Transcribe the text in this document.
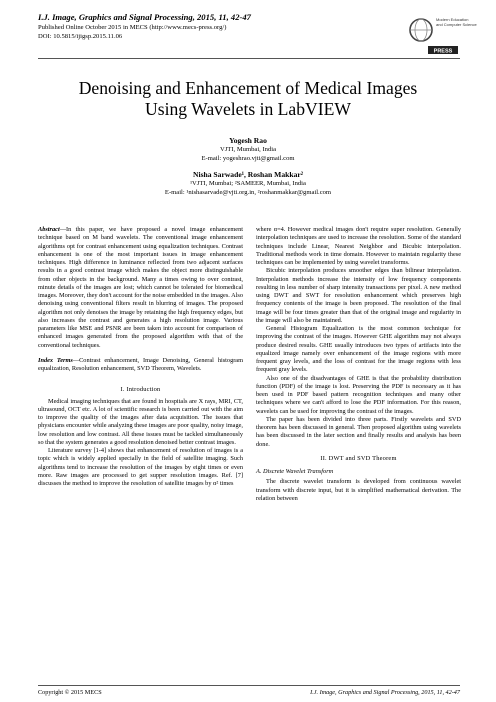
I.J. Image, Graphics and Signal Processing, 2015, 11, 42-47
Published Online October 2015 in MECS (http://www.mecs-press.org/)
DOI: 10.5815/ijigsp.2015.11.06
Modern Education
and Computer Science
PRESS
Denoising and Enhancement of Medical Images
Using Wavelets in LabVIEW
Yogesh Rao
VJTI, Mumbai, India
E-mail: yogeshrao.vjti@gmail.com
Nisha Sarwade¹, Roshan Makkar²
¹VJTI, Mumbai; ²SAMEER, Mumbai, India
E-mail: ¹nishasarvade@vjti.org.in, ²roshanmakkar@gmail.com

Abstract—In this paper, we have proposed a novel image enhancement technique based on M band wavelets. The conventional image enhancement algorithms opt for contrast enhancement using equalization techniques. Contrast enhancement is one of the most important issues in image enhancement techniques. High difference in luminance reflected from two adjacent surfaces results in a good contrast image which makes the object more distinguishable from other objects in the background. Many a times owing to over contrast, minute details of the images are lost; which cannot be tolerated for biomedical images. Moreover, they don't account for the noise embedded in the images. Also denoising using conventional filters result in blurring of images. The proposed algorithm not only denoises the image by retaining the high frequency edges, but also increases the contrast and generates a high resolution image. Various parameters like MSE and PSNR are been taken into account for comparison of enhanced images generated from the proposed algorithm with that of the conventional techniques.

Index Terms—Contrast enhancement, Image Denoising, General histogram equalization, Resolution enhancement, SVD Theorem, Wavelets.

I. Introduction

Medical imaging techniques that are found in hospitals are X rays, MRI, CT, ultrasound, OCT etc. A lot of scientific research is been carried out with the aim to improve the quality of the images after data acquisition. The issues that physicians encounter while analyzing these images are poor quality, noisy image, low resolution and low contrast. All these issues must be tackled simultaneously so that the system generates a good resolution denoised better contrast images.

Literature survey [1-4] shows that enhancement of resolution of images is a topic which is widely applied specially in the field of satellite imaging. Such algorithms tend to increase the resolution of the images by eight times or even more. Raw images are processed to get supper resolution images. Ref. [7] discusses the method to improve the resolution of satellite images by α² times

where α=4. However medical images don't require super resolution. Generally interpolation techniques are used to increase the resolution. Some of the standard techniques include Linear, Nearest Neighbor and Bicubic interpolation. Traditional methods work in time domain. However to maintain regularity these techniques can be implemented by using wavelet transforms.

Bicubic interpolation produces smoother edges than bilinear interpolation. Interpolation methods increase the intensity of low frequency components resulting in less number of sharp intensity transactions per pixel. A new method using DWT and SWT for resolution enhancement which preserves high frequency contents of the image is been proposed. The resolution of the final image will be four times greater than that of the original image and regularity in the image will also be maintained.

General Histogram Equalization is the most common technique for improving the contrast of the images. However GHE algorithm may not always produce desired results. GHE usually introduces two types of artifacts into the equalized image namely over enhancement of the image regions with more frequent gray levels, and the loss of contrast for the image regions with less frequent gray levels.

Also one of the disadvantages of GHE is that the probability distribution function (PDF) of the image is lost. Preserving the PDF is necessary as it has been used in PDF based pattern recognition techniques and many other techniques where we can't afford to lose the PDF information. For this reason, wavelets can be used for improving the contrast of the images.

The paper has been divided into three parts. Firstly wavelets and SVD theorem has been discussed in general. Then proposed algorithm using wavelets has been discussed in the later section and finally results and analysis has been done.

II. DWT and SVD Theorem

A. Discrete Wavelet Transform

The discrete wavelet transform is developed from continuous wavelet transform with discrete input, but it is simplified mathematical derivation. The relation between

Copyright © 2015 MECS	I.J. Image, Graphics and Signal Processing, 2015, 11, 42-47
